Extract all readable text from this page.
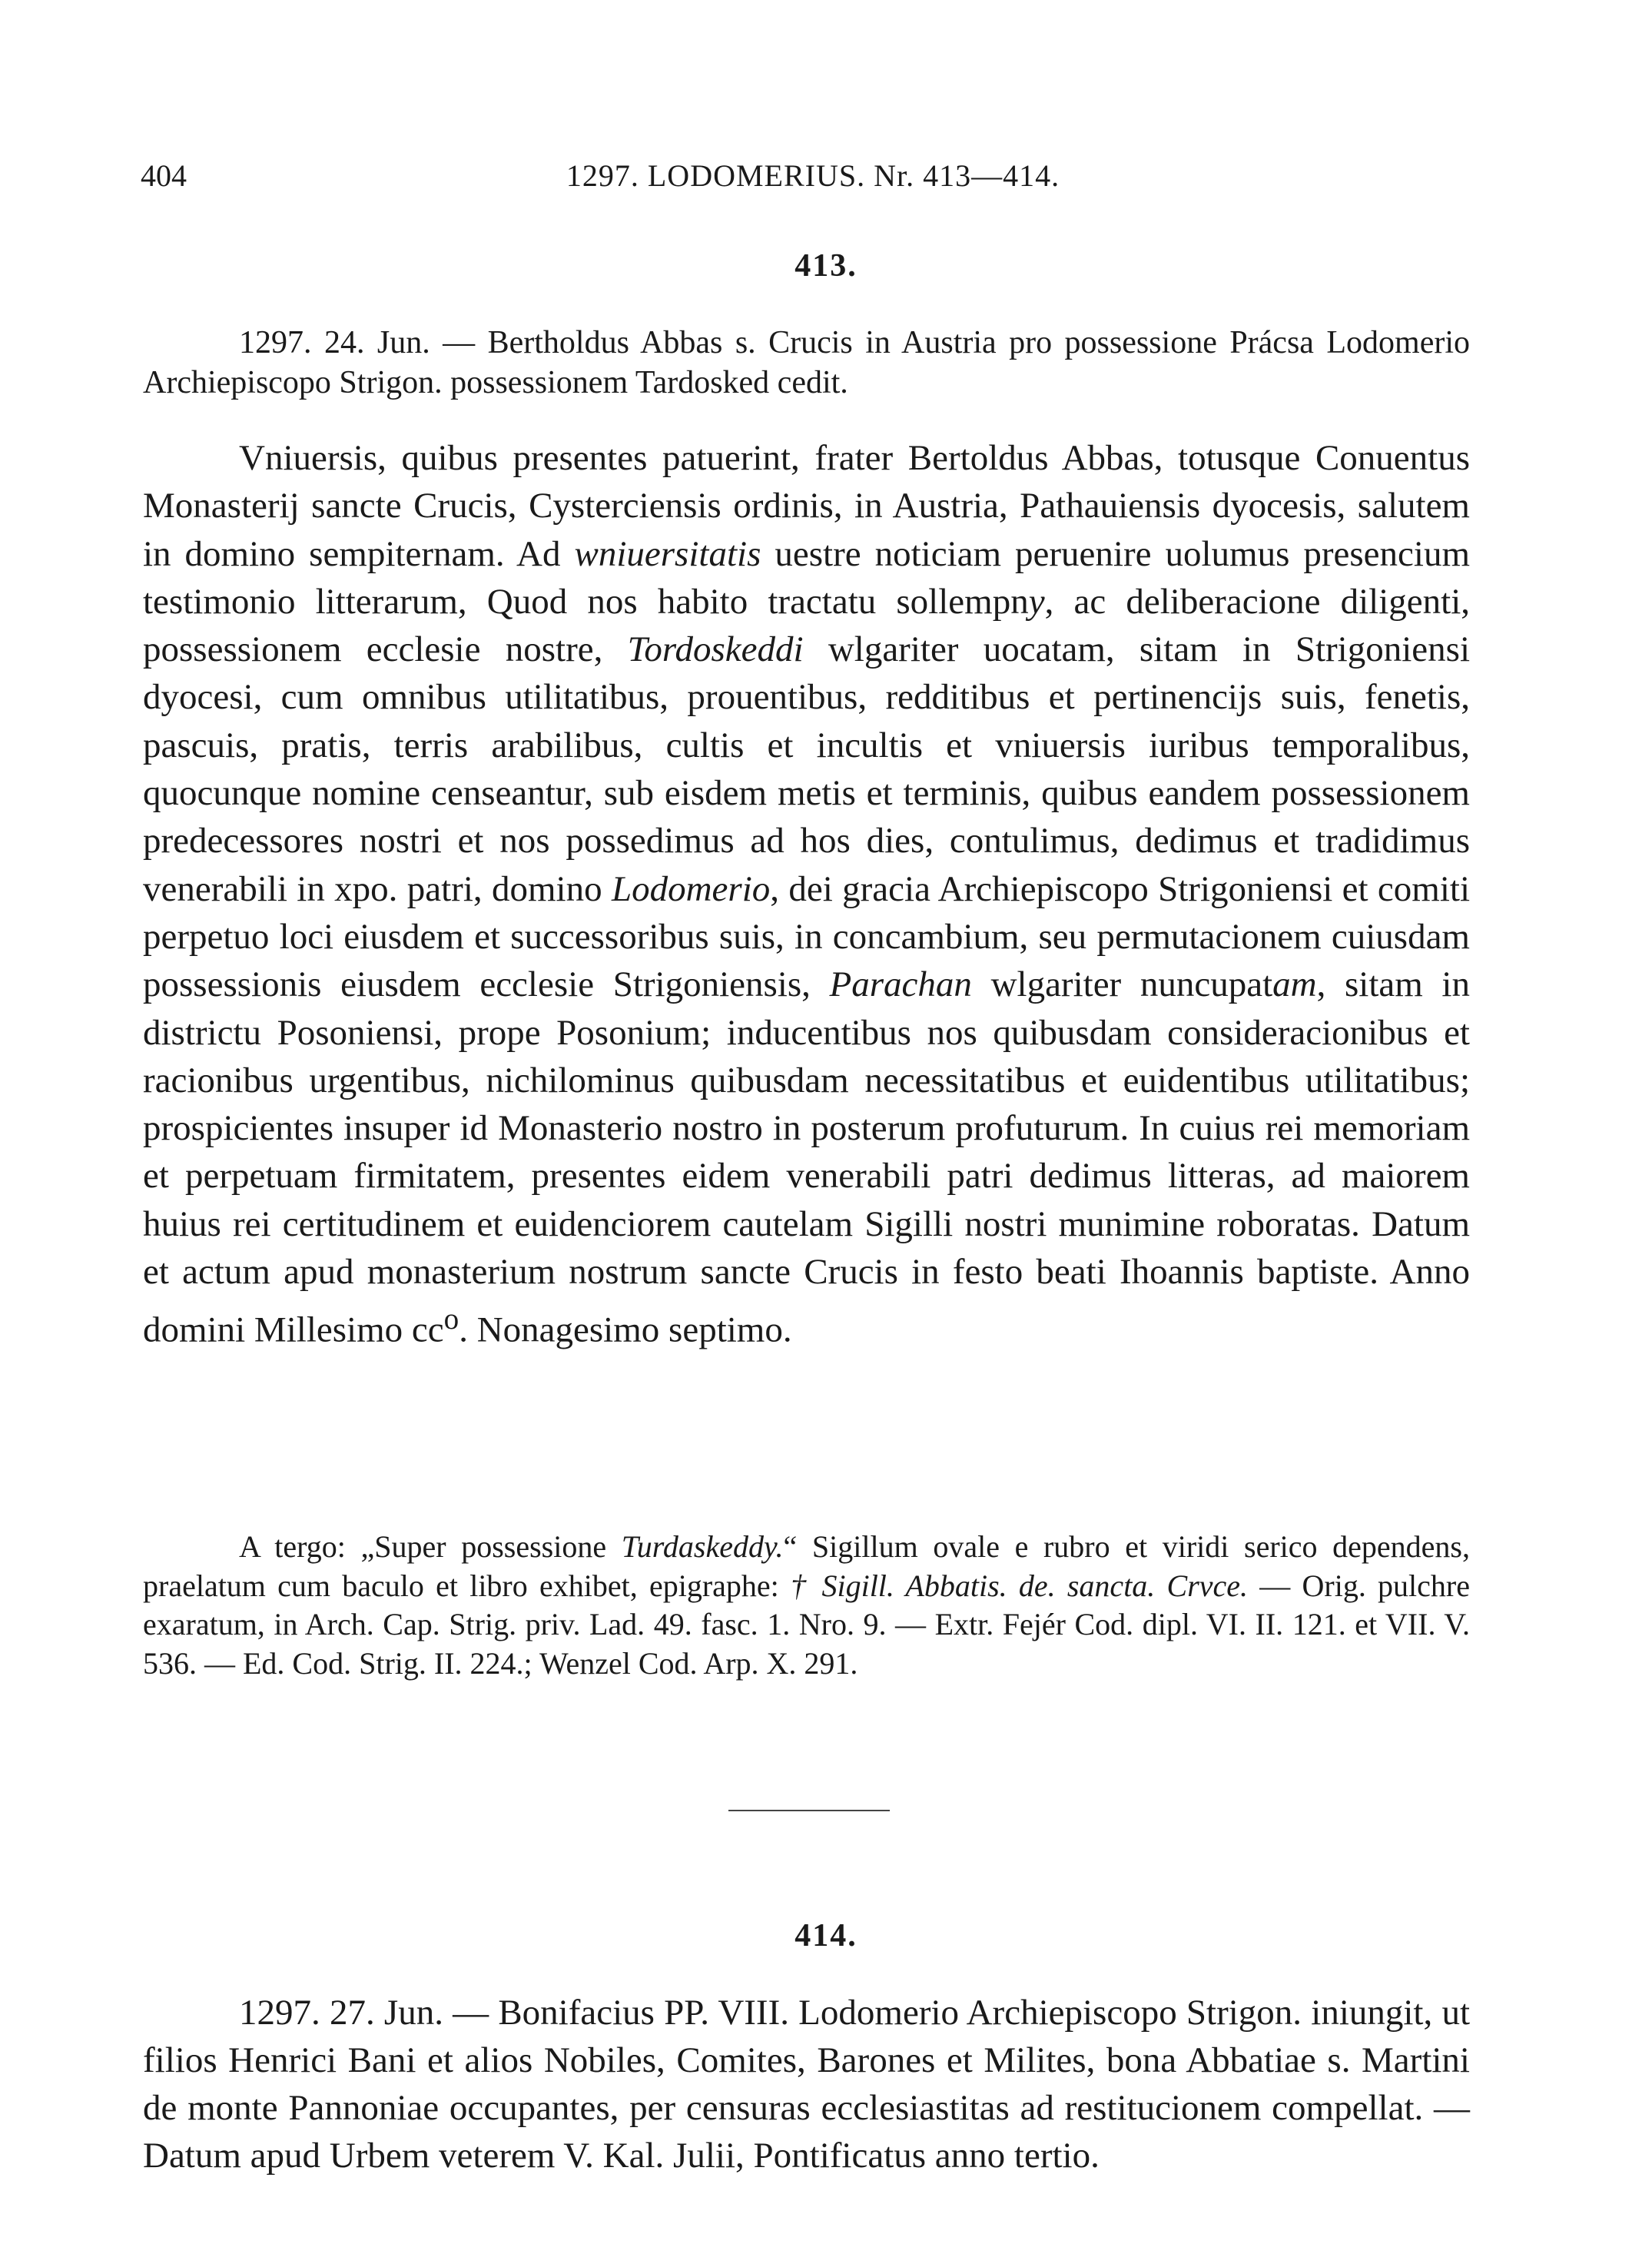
404	1297. LODOMERIUS. Nr. 413—414.
413.

1297. 24. Jun. — Bertholdus Abbas s. Crucis in Austria pro possessione Prácsa Lodomerio Archiepiscopo Strigon. possessionem Tardosked cedit.

Vniuersis, quibus presentes patuerint, frater Bertoldus Abbas, totusque Conuentus Monasterij sancte Crucis, Cysterciensis ordinis, in Austria, Pathauiensis dyocesis, salutem in domino sempiternam. Ad wniuersitatis uestre noticiam peruenire uolumus presencium testimonio litterarum, Quod nos habito tractatu sollempny, ac deliberacione diligenti, possessionem ecclesie nostre, Tordoskeddi wlgariter uocatam, sitam in Strigoniensi dyocesi, cum omnibus utilitatibus, prouentibus, redditibus et pertinencijs suis, fenetis, pascuis, pratis, terris arabilibus, cultis et incultis et vniuersis iuribus temporalibus, quocunque nomine censeantur, sub eisdem metis et terminis, quibus eandem possessionem predecessores nostri et nos possedimus ad hos dies, contulimus, dedimus et tradidimus venerabili in xpo. patri, domino Lodomerio, dei gracia Archiepiscopo Strigoniensi et comiti perpetuo loci eiusdem et successoribus suis, in concambium, seu permutacionem cuiusdam possessionis eiusdem ecclesie Strigoniensis, Parachan wlgariter nuncupatam, sitam in districtu Posoniensi, prope Posonium; inducentibus nos quibusdam consideracionibus et racionibus urgentibus, nichilominus quibusdam necessitatibus et euidentibus utilitatibus; prospicientes insuper id Monasterio nostro in posterum profuturum. In cuius rei memoriam et perpetuam firmitatem, presentes eidem venerabili patri dedimus litteras, ad maiorem huius rei certitudinem et euidenciorem cautelam Sigilli nostri munimine roboratas. Datum et actum apud monasterium nostrum sancte Crucis in festo beati Ihoannis baptiste. Anno domini Millesimo $cc^o$. Nonagesimo septimo.

A tergo: „Super possessione Turdaskeddy.“ Sigillum ovale e rubro et viridi serico dependens, praelatum cum baculo et libro exhibet, epigraphe: † Sigill. Abbatis. de. sancta. Crvce. — Orig. pulchre exaratum, in Arch. Cap. Strig. priv. Lad. 49. fasc. 1. Nro. 9. — Extr. Fejér Cod. dipl. VI. II. 121. et VII. V. 536. — Ed. Cod. Strig. II. 224.; Wenzel Cod. Arp. X. 291.

414.

1297. 27. Jun. — Bonifacius PP. VIII. Lodomerio Archiepiscopo Strigon. iniungit, ut filios Henrici Bani et alios Nobiles, Comites, Barones et Milites, bona Abbatiae s. Martini de monte Pannoniae occupantes, per censuras ecclesiastitas ad restitucionem compellat. — Datum apud Urbem veterem V. Kal. Julii, Pontificatus anno tertio.
